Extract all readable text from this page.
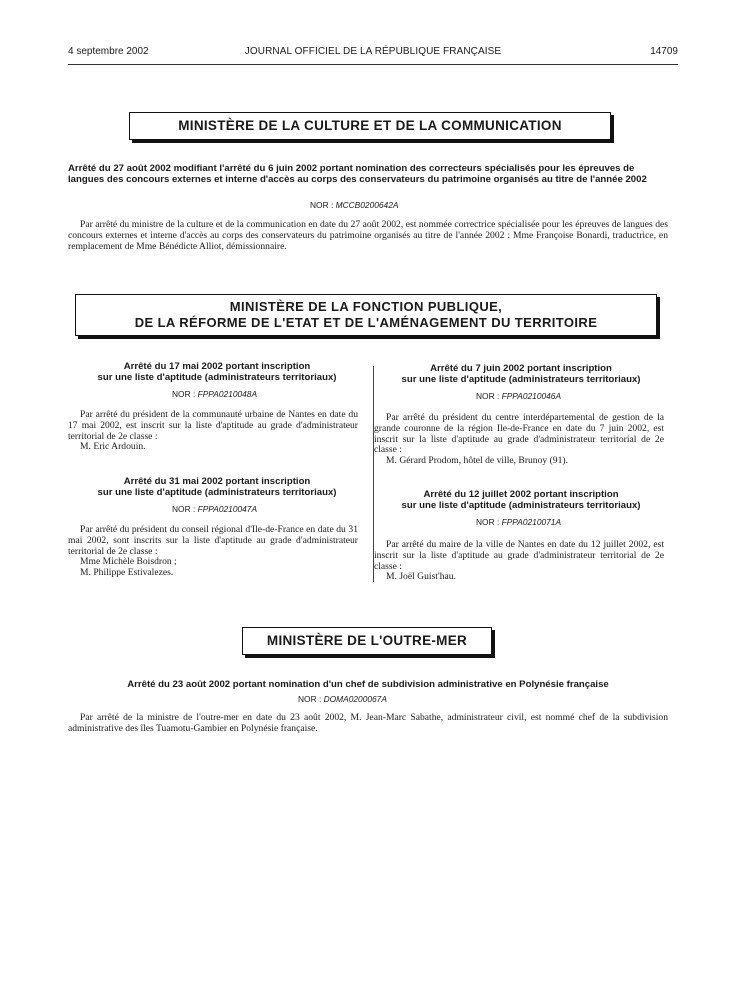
JOURNAL OFFICIEL DE LA RÉPUBLIQUE FRANÇAISE
4 septembre 2002	14709
MINISTÈRE DE LA CULTURE ET DE LA COMMUNICATION
Arrêté du 27 août 2002 modifiant l'arrêté du 6 juin 2002 portant nomination des correcteurs spécialisés pour les épreuves de langues des concours externes et interne d'accès au corps des conservateurs du patrimoine organisés au titre de l'année 2002
NOR : MCCB0200642A

Par arrêté du ministre de la culture et de la communication en date du 27 août 2002, est nommée correctrice spécialisée pour les épreuves de langues des concours externes et interne d'accès au corps des conservateurs du patrimoine organisés au titre de l'année 2002 : Mme Françoise Bonardi, traductrice, en remplacement de Mme Bénédicte Alliot, démissionnaire.

MINISTÈRE DE LA FONCTION PUBLIQUE,
DE LA RÉFORME DE L'ETAT ET DE L'AMÉNAGEMENT DU TERRITOIRE
Arrêté du 17 mai 2002 portant inscription
sur une liste d'aptitude (administrateurs territoriaux)
NOR : FPPA0210048A

Par arrêté du président de la communauté urbaine de Nantes en date du 17 mai 2002, est inscrit sur la liste d'aptitude au grade d'administrateur territorial de 2e classe :

M. Eric Ardouin.

Arrêté du 31 mai 2002 portant inscription
sur une liste d'aptitude (administrateurs territoriaux)
NOR : FPPA0210047A

Par arrêté du président du conseil régional d'Ile-de-France en date du 31 mai 2002, sont inscrits sur la liste d'aptitude au grade d'administrateur territorial de 2e classe :

Mme Michèle Boisdron ;

M. Philippe Estivalezes.

Arrêté du 7 juin 2002 portant inscription
sur une liste d'aptitude (administrateurs territoriaux)
NOR : FPPA0210046A

Par arrêté du président du centre interdépartemental de gestion de la grande couronne de la région Ile-de-France en date du 7 juin 2002, est inscrit sur la liste d'aptitude au grade d'administrateur territorial de 2e classe :

M. Gérard Prodom, hôtel de ville, Brunoy (91).

Arrêté du 12 juillet 2002 portant inscription
sur une liste d'aptitude (administrateurs territoriaux)
NOR : FPPA0210071A

Par arrêté du maire de la ville de Nantes en date du 12 juillet 2002, est inscrit sur la liste d'aptitude au grade d'administrateur territorial de 2e classe :

M. Joël Guist'hau.

MINISTÈRE DE L'OUTRE-MER
Arrêté du 23 août 2002 portant nomination d'un chef de subdivision administrative en Polynésie française
NOR : DOMA0200067A

Par arrêté de la ministre de l'outre-mer en date du 23 août 2002, M. Jean-Marc Sabathe, administrateur civil, est nommé chef de la subdivision administrative des îles Tuamotu-Gambier en Polynésie française.
